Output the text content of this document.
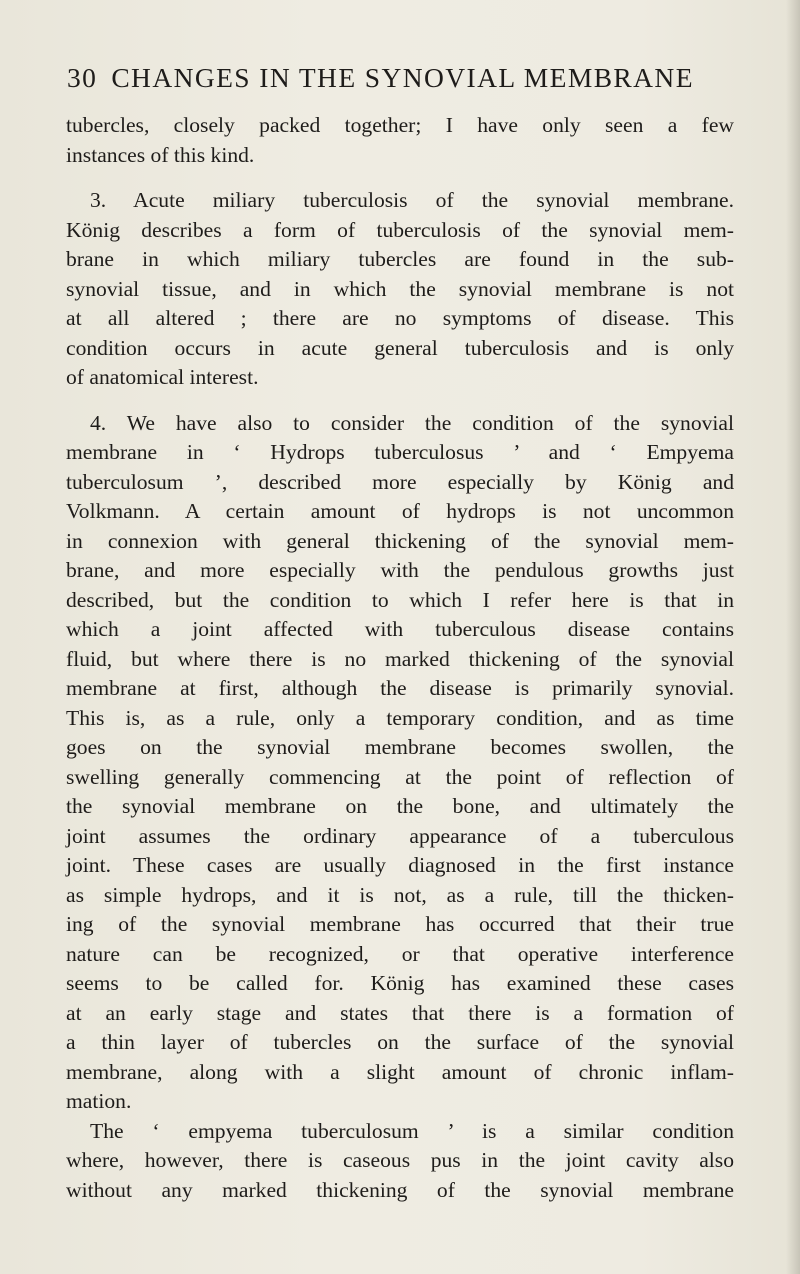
30 CHANGES IN THE SYNOVIAL MEMBRANE
tubercles, closely packed together; I have only seen a few
instances of this kind.
3. Acute miliary tuberculosis of the synovial membrane.
König describes a form of tuberculosis of the synovial mem-
brane in which miliary tubercles are found in the sub-
synovial tissue, and in which the synovial membrane is not
at all altered ; there are no symptoms of disease. This
condition occurs in acute general tuberculosis and is only
of anatomical interest.
4. We have also to consider the condition of the synovial
membrane in ‘ Hydrops tuberculosus ’ and ‘ Empyema
tuberculosum ’, described more especially by König and
Volkmann. A certain amount of hydrops is not uncommon
in connexion with general thickening of the synovial mem-
brane, and more especially with the pendulous growths just
described, but the condition to which I refer here is that in
which a joint affected with tuberculous disease contains
fluid, but where there is no marked thickening of the synovial
membrane at first, although the disease is primarily synovial.
This is, as a rule, only a temporary condition, and as time
goes on the synovial membrane becomes swollen, the
swelling generally commencing at the point of reflection of
the synovial membrane on the bone, and ultimately the
joint assumes the ordinary appearance of a tuberculous
joint. These cases are usually diagnosed in the first instance
as simple hydrops, and it is not, as a rule, till the thicken-
ing of the synovial membrane has occurred that their true
nature can be recognized, or that operative interference
seems to be called for. König has examined these cases
at an early stage and states that there is a formation of
a thin layer of tubercles on the surface of the synovial
membrane, along with a slight amount of chronic inflam-
mation.
The ‘ empyema tuberculosum ’ is a similar condition
where, however, there is caseous pus in the joint cavity also
without any marked thickening of the synovial membrane
